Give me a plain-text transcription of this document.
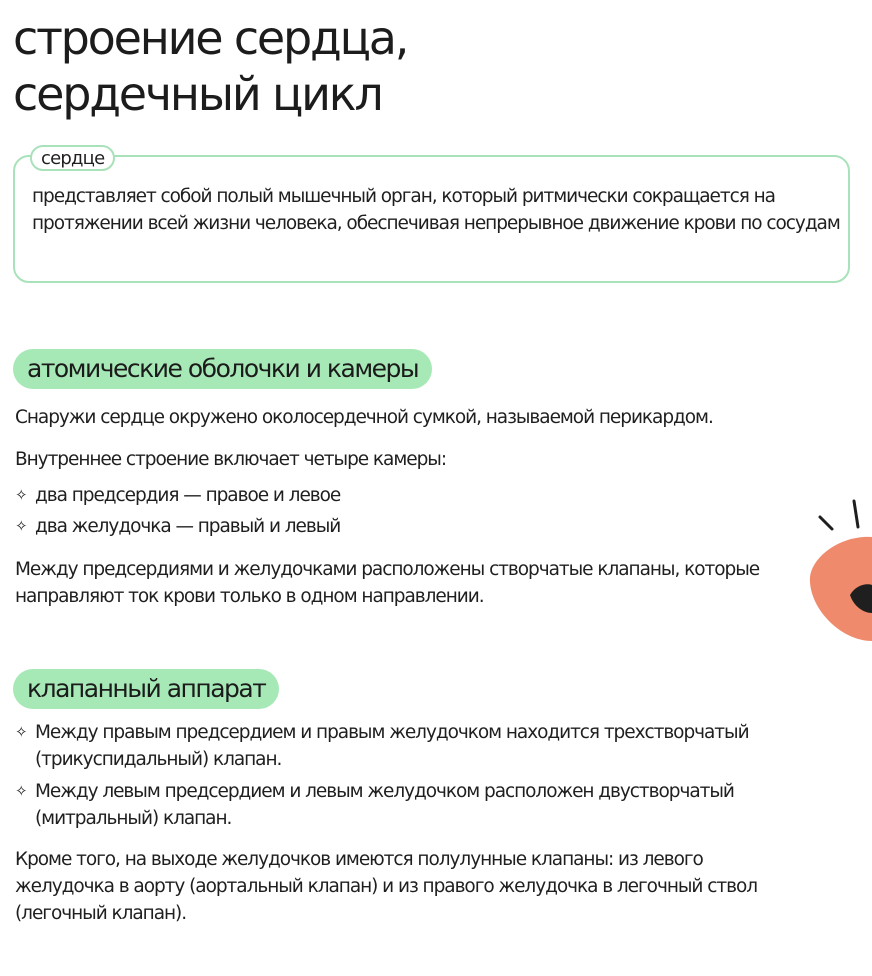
строение сердца,
сердечный цикл
сердце
представляет собой полый мышечный орган, который ритмически сокращается на протяжении всей жизни человека, обеспечивая непрерывное движение крови по сосудам
атомические оболочки и камеры

Снаружи сердце окружено околосердечной сумкой, называемой перикардом.

Внутреннее строение включает четыре камеры:

✧ два предсердия — правое и левое
✧ два желудочка — правый и левый

Между предсердиями и желудочками расположены створчатые клапаны, которые направляют ток крови только в одном направлении.

клапанный аппарат
✧ Между правым предсердием и правым желудочком находится трехстворчатый (трикуспидальный) клапан.
✧ Между левым предсердием и левым желудочком расположен двустворчатый (митральный) клапан.

Кроме того, на выходе желудочков имеются полулунные клапаны: из левого желудочка в аорту (аортальный клапан) и из правого желудочка в легочный ствол (легочный клапан).
